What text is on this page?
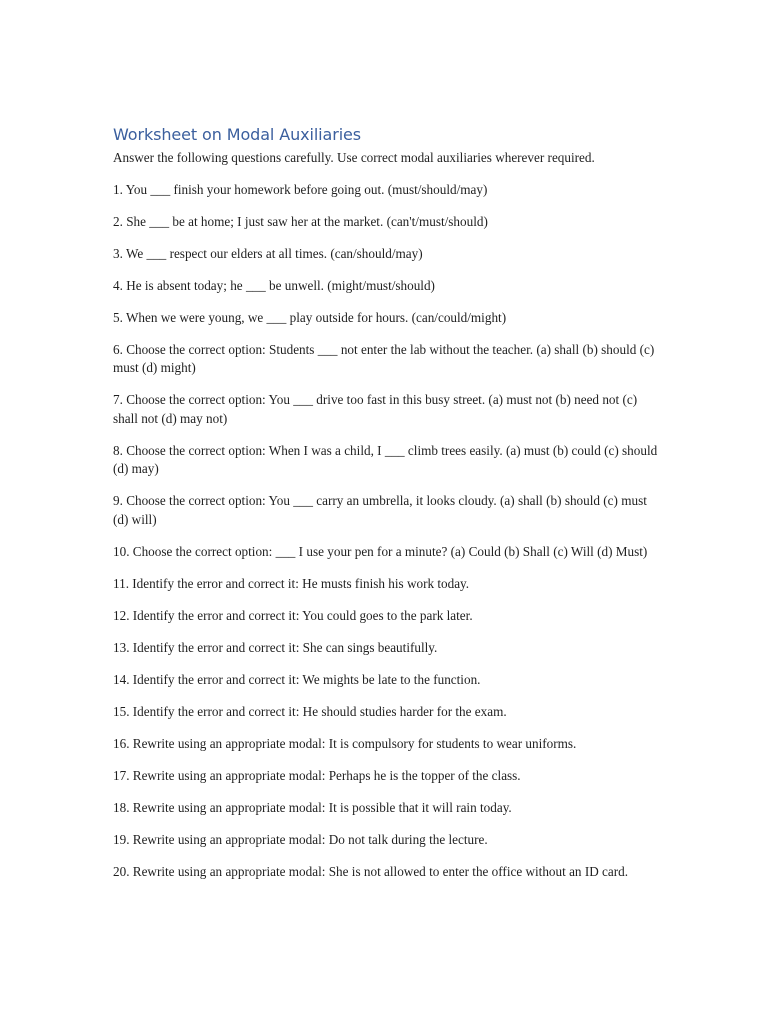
Worksheet on Modal Auxiliaries

Answer the following questions carefully. Use correct modal auxiliaries wherever required.

1. You ___ finish your homework before going out. (must/should/may)
2. She ___ be at home; I just saw her at the market. (can't/must/should)
3. We ___ respect our elders at all times. (can/should/may)
4. He is absent today; he ___ be unwell. (might/must/should)
5. When we were young, we ___ play outside for hours. (can/could/might)
6. Choose the correct option: Students ___ not enter the lab without the teacher. (a) shall (b) should (c) must (d) might)
7. Choose the correct option: You ___ drive too fast in this busy street. (a) must not (b) need not (c) shall not (d) may not)
8. Choose the correct option: When I was a child, I ___ climb trees easily. (a) must (b) could (c) should (d) may)
9. Choose the correct option: You ___ carry an umbrella, it looks cloudy. (a) shall (b) should (c) must (d) will)
10. Choose the correct option: ___ I use your pen for a minute? (a) Could (b) Shall (c) Will (d) Must)
11. Identify the error and correct it: He musts finish his work today.
12. Identify the error and correct it: You could goes to the park later.
13. Identify the error and correct it: She can sings beautifully.
14. Identify the error and correct it: We mights be late to the function.
15. Identify the error and correct it: He should studies harder for the exam.
16. Rewrite using an appropriate modal: It is compulsory for students to wear uniforms.
17. Rewrite using an appropriate modal: Perhaps he is the topper of the class.
18. Rewrite using an appropriate modal: It is possible that it will rain today.
19. Rewrite using an appropriate modal: Do not talk during the lecture.
20. Rewrite using an appropriate modal: She is not allowed to enter the office without an ID card.
